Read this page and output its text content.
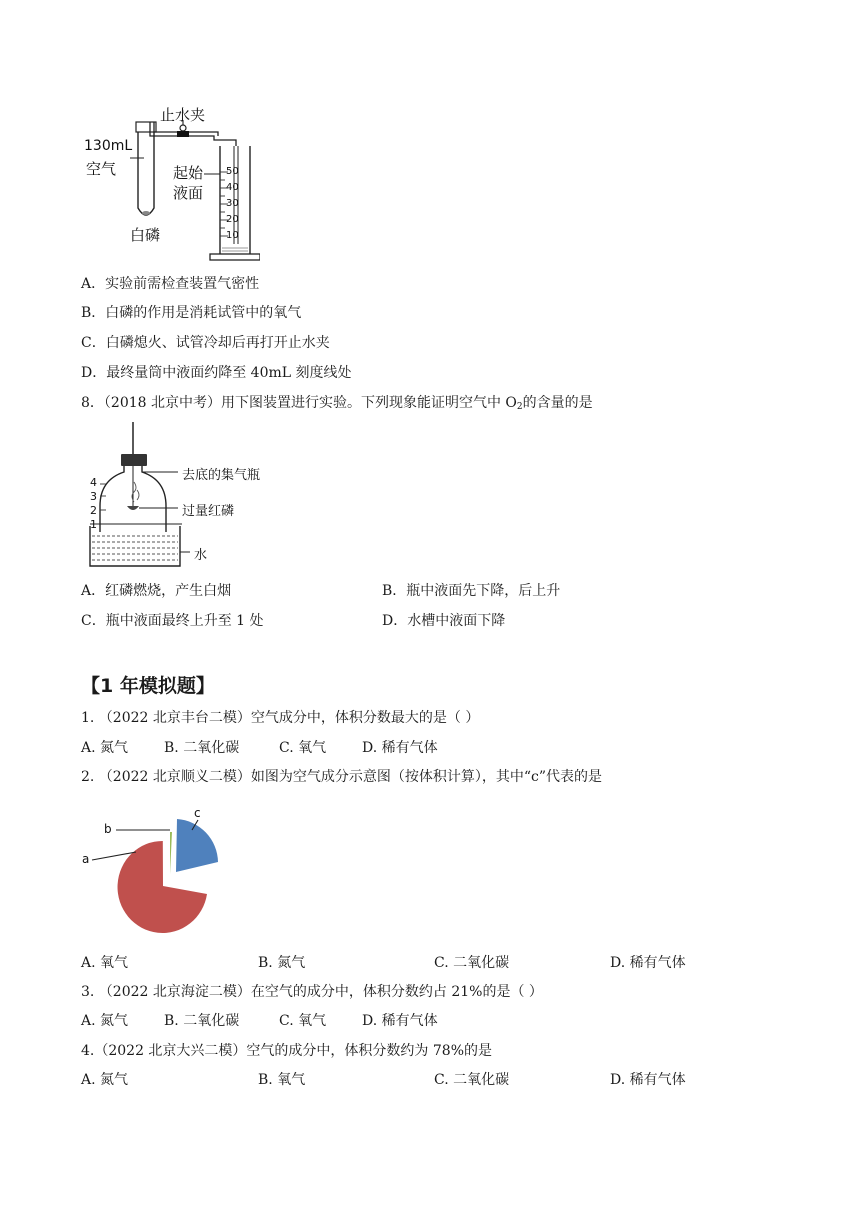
130mL
空气
止水夹
起始
液面
白磷
50
40
30
20
10
A．实验前需检查装置气密性
B．白磷的作用是消耗试管中的氧气
C．白磷熄火、试管冷却后再打开止水夹
D．最终量筒中液面约降至 40mL 刻度线处
8．（2018 北京中考）用下图装置进行实验。下列现象能证明空气中 $O_2$的含量的是
去底的集气瓶
过量红磷
水
4
3
2
1
A．红磷燃烧，产生白烟	B．瓶中液面先下降，后上升
C．瓶中液面最终上升至 1 处	D．水槽中液面下降
【1 年模拟题】
1. （2022 北京丰台二模）空气成分中，体积分数最大的是（ ）
A. 氮气	B. 二氧化碳	C. 氧气	D. 稀有气体
2. （2022 北京顺义二模）如图为空气成分示意图（按体积计算），其中“c”代表的是
a
b
c
A. 氧气	B. 氮气	C. 二氧化碳	D. 稀有气体
3. （2022 北京海淀二模）在空气的成分中，体积分数约占 21%的是（ ）
A. 氮气	B. 二氧化碳	C. 氧气	D. 稀有气体
4.（2022 北京大兴二模）空气的成分中，体积分数约为 78%的是
A. 氮气	B. 氧气	C. 二氧化碳	D. 稀有气体
